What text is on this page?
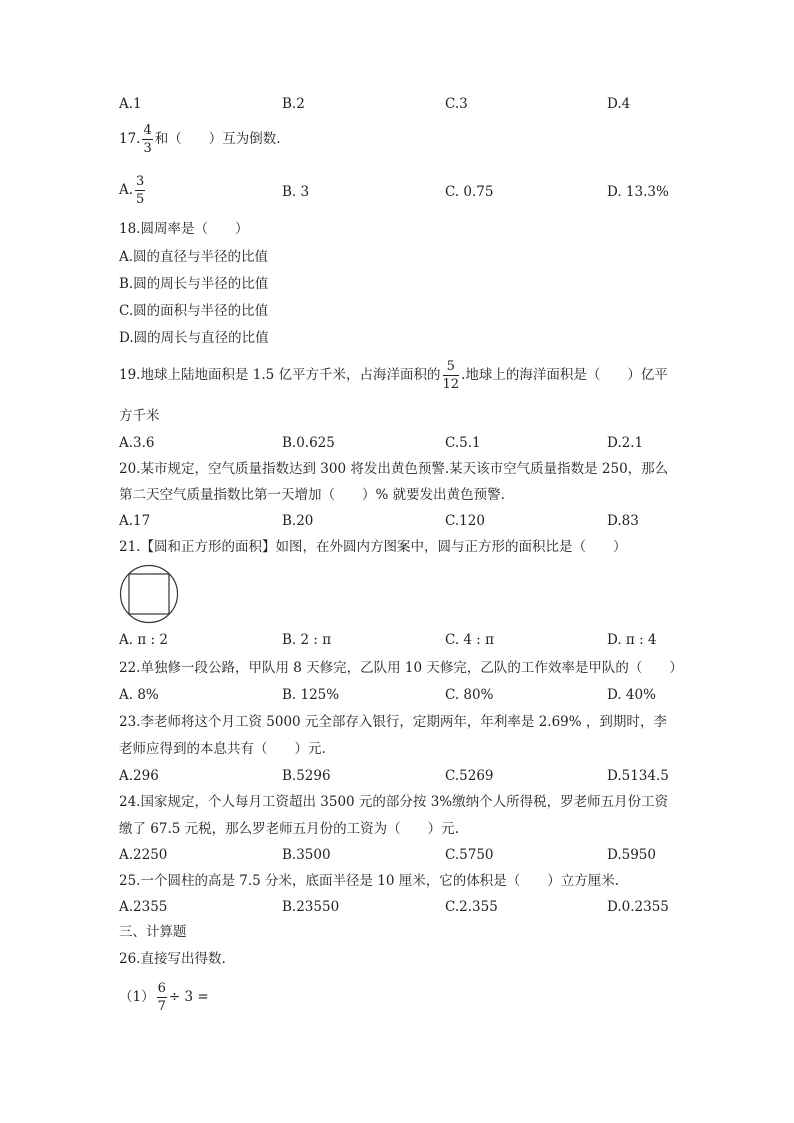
A.1	B.2	C.3	D.4
17. $\frac{4}{3}$ 和（　　）互为倒数.
A. $\frac{3}{5}$	B. 3	C. 0.75	D. 13.3%
18.圆周率是（　　）
A.圆的直径与半径的比值
B.圆的周长与半径的比值
C.圆的面积与半径的比值
D.圆的周长与直径的比值
19.地球上陆地面积是 1.5 亿平方千米，占海洋面积的 $\frac{5}{12}$ .地球上的海洋面积是（　　）亿平
方千米
A.3.6	B.0.625	C.5.1	D.2.1
20.某市规定，空气质量指数达到 300 将发出黄色预警.某天该市空气质量指数是 250，那么
第二天空气质量指数比第一天增加（　　）% 就要发出黄色预警.
A.17	B.20	C.120	D.83
21.【圆和正方形的面积】如图，在外圆内方图案中，圆与正方形的面积比是（　　）
A. π : 2	B. 2 : π	C. 4 : π	D. π : 4
22.单独修一段公路，甲队用 8 天修完，乙队用 10 天修完，乙队的工作效率是甲队的（　　）
A. 8%	B. 125%	C. 80%	D. 40%
23.李老师将这个月工资 5000 元全部存入银行，定期两年，年利率是 2.69% ，到期时，李
老师应得到的本息共有（　　）元.
A.296	B.5296	C.5269	D.5134.5
24.国家规定，个人每月工资超出 3500 元的部分按 3%缴纳个人所得税，罗老师五月份工资
缴了 67.5 元税，那么罗老师五月份的工资为（　　）元.
A.2250	B.3500	C.5750	D.5950
25.一个圆柱的高是 7.5 分米，底面半径是 10 厘米，它的体积是（　　）立方厘米.
A.2355	B.23550	C.2.355	D.0.2355
三、计算题
26.直接写出得数.
$(1) \frac{6}{7} \div 3$ =
